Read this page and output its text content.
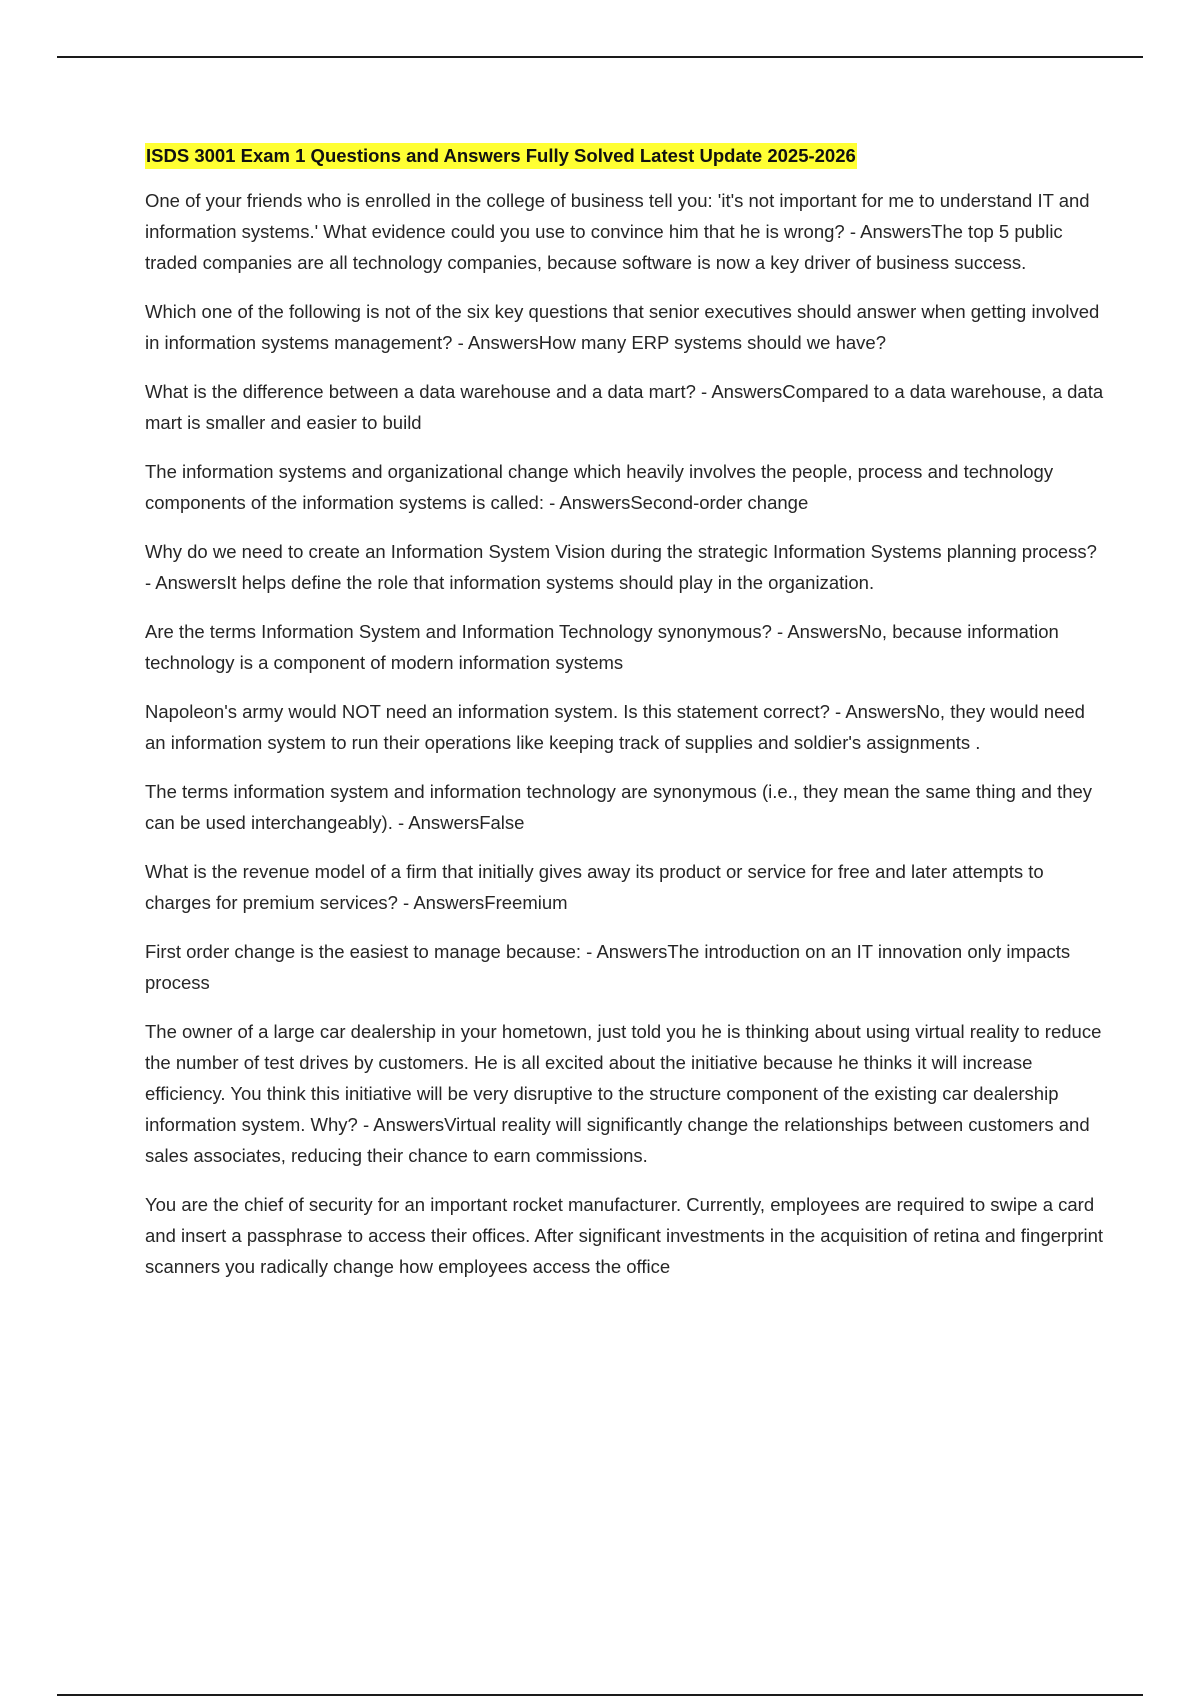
ISDS 3001 Exam 1 Questions and Answers Fully Solved Latest Update 2025-2026

One of your friends who is enrolled in the college of business tell you: 'it's not important for me to understand IT and information systems.' What evidence could you use to convince him that he is wrong? - AnswersThe top 5 public traded companies are all technology companies, because software is now a key driver of business success.

Which one of the following is not of the six key questions that senior executives should answer when getting involved in information systems management? - AnswersHow many ERP systems should we have?

What is the difference between a data warehouse and a data mart? - AnswersCompared to a data warehouse, a data mart is smaller and easier to build

The information systems and organizational change which heavily involves the people, process and technology components of the information systems is called: - AnswersSecond-order change

Why do we need to create an Information System Vision during the strategic Information Systems planning process? - AnswersIt helps define the role that information systems should play in the organization.

Are the terms Information System and Information Technology synonymous? - AnswersNo, because information technology is a component of modern information systems

Napoleon's army would NOT need an information system. Is this statement correct? - AnswersNo, they would need an information system to run their operations like keeping track of supplies and soldier's assignments .

The terms information system and information technology are synonymous (i.e., they mean the same thing and they can be used interchangeably). - AnswersFalse

What is the revenue model of a firm that initially gives away its product or service for free and later attempts to charges for premium services? - AnswersFreemium

First order change is the easiest to manage because: - AnswersThe introduction on an IT innovation only impacts process

The owner of a large car dealership in your hometown, just told you he is thinking about using virtual reality to reduce the number of test drives by customers. He is all excited about the initiative because he thinks it will increase efficiency. You think this initiative will be very disruptive to the structure component of the existing car dealership information system. Why? - AnswersVirtual reality will significantly change the relationships between customers and sales associates, reducing their chance to earn commissions.

You are the chief of security for an important rocket manufacturer. Currently, employees are required to swipe a card and insert a passphrase to access their offices. After significant investments in the acquisition of retina and fingerprint scanners you radically change how employees access the office
